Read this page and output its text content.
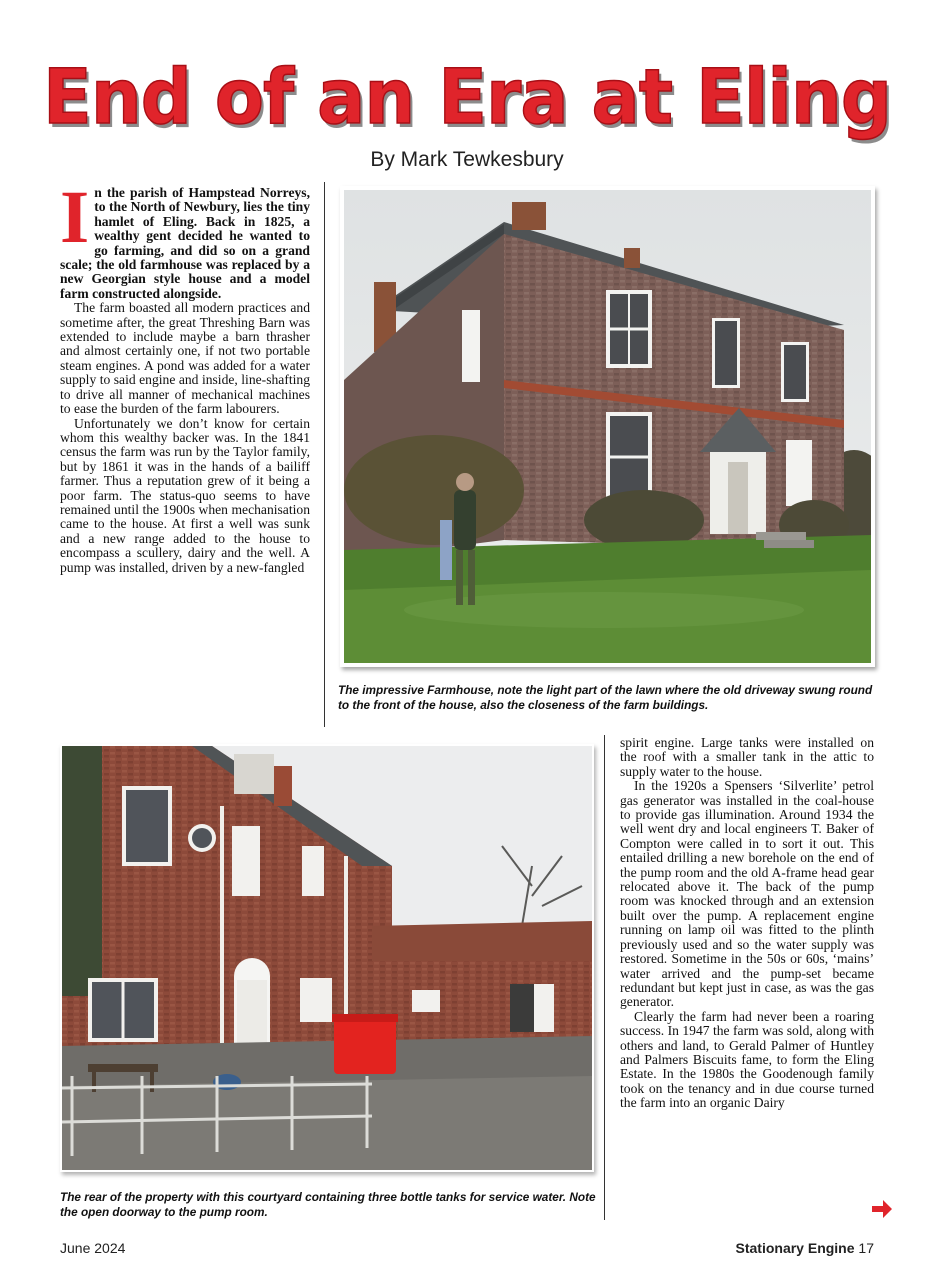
End of an Era at Eling
By Mark Tewkesbury

In the parish of Hampstead Norreys, to the North of Newbury, lies the tiny hamlet of Eling. Back in 1825, a wealthy gent decided he wanted to go farming, and did so on a grand scale; the old farmhouse was replaced by a new Georgian style house and a model farm constructed alongside.

The farm boasted all modern practices and sometime after, the great Threshing Barn was extended to include maybe a barn thrasher and almost certainly one, if not two portable steam engines. A pond was added for a water supply to said engine and inside, line-shafting to drive all manner of mechanical machines to ease the burden of the farm labourers.

Unfortunately we don’t know for certain whom this wealthy backer was. In the 1841 census the farm was run by the Taylor family, but by 1861 it was in the hands of a bailiff farmer. Thus a reputation grew of it being a poor farm. The status-quo seems to have remained until the 1900s when mechanisation came to the house. At first a well was sunk and a new range added to the house to encompass a scullery, dairy and the well. A pump was installed, driven by a new-fangled

The impressive Farmhouse, note the light part of the lawn where the old driveway swung round to the front of the house, also the closeness of the farm buildings.
The rear of the property with this courtyard containing three bottle tanks for service water. Note the open doorway to the pump room.

spirit engine. Large tanks were installed on the roof with a smaller tank in the attic to supply water to the house.

In the 1920s a Spensers ‘Silverlite’ petrol gas generator was installed in the coal-house to provide gas illumination. Around 1934 the well went dry and local engineers T. Baker of Compton were called in to sort it out. This entailed drilling a new borehole on the end of the pump room and the old A-frame head gear relocated above it. The back of the pump room was knocked through and an extension built over the pump. A replacement engine running on lamp oil was fitted to the plinth previously used and so the water supply was restored. Sometime in the 50s or 60s, ‘mains’ water arrived and the pump-set became redundant but kept just in case, as was the gas generator.

Clearly the farm had never been a roaring success. In 1947 the farm was sold, along with others and land, to Gerald Palmer of Huntley and Palmers Biscuits fame, to form the Eling Estate. In the 1980s the Goodenough family took on the tenancy and in due course turned the farm into an organic Dairy

June 2024	Stationary Engine 17
